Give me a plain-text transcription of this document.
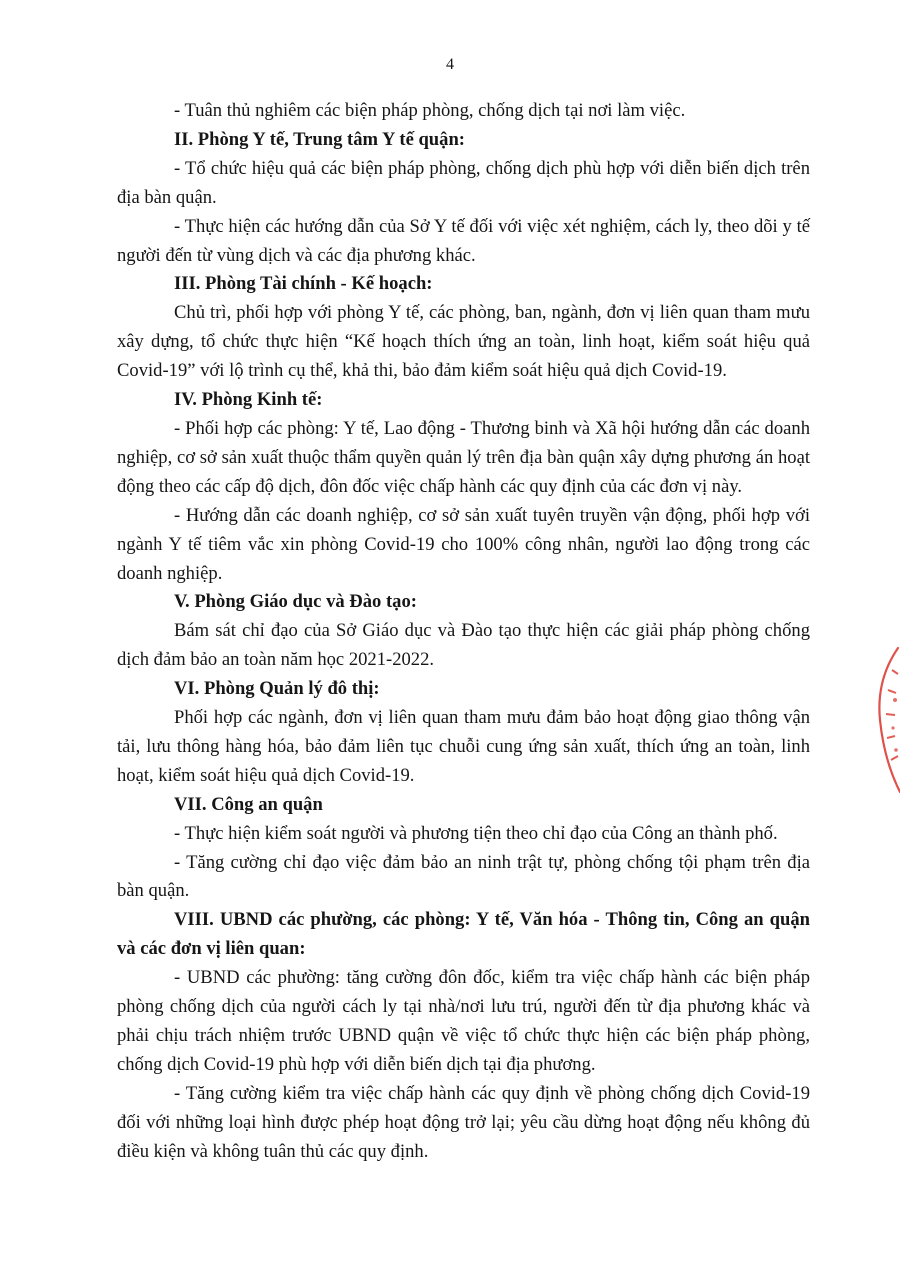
4

- Tuân thủ nghiêm các biện pháp phòng, chống dịch tại nơi làm việc.

II. Phòng Y tế, Trung tâm Y tế quận:

- Tổ chức hiệu quả các biện pháp phòng, chống dịch phù hợp với diễn biến dịch trên địa bàn quận.

- Thực hiện các hướng dẫn của Sở Y tế đối với việc xét nghiệm, cách ly, theo dõi y tế người đến từ vùng dịch và các địa phương khác.

III. Phòng Tài chính - Kế hoạch:

Chủ trì, phối hợp với phòng Y tế, các phòng, ban, ngành, đơn vị liên quan tham mưu xây dựng, tổ chức thực hiện “Kế hoạch thích ứng an toàn, linh hoạt, kiểm soát hiệu quả Covid-19” với lộ trình cụ thể, khả thi, bảo đảm kiểm soát hiệu quả dịch Covid-19.

IV. Phòng Kinh tế:

- Phối hợp các phòng: Y tế, Lao động - Thương binh và Xã hội hướng dẫn các doanh nghiệp, cơ sở sản xuất thuộc thẩm quyền quản lý trên địa bàn quận xây dựng phương án hoạt động theo các cấp độ dịch, đôn đốc việc chấp hành các quy định của các đơn vị này.

- Hướng dẫn các doanh nghiệp, cơ sở sản xuất tuyên truyền vận động, phối hợp với ngành Y tế tiêm vắc xin phòng Covid-19 cho 100% công nhân, người lao động trong các doanh nghiệp.

V. Phòng Giáo dục và Đào tạo:

Bám sát chỉ đạo của Sở Giáo dục và Đào tạo thực hiện các giải pháp phòng chống dịch đảm bảo an toàn năm học 2021-2022.

VI. Phòng Quản lý đô thị:

Phối hợp các ngành, đơn vị liên quan tham mưu đảm bảo hoạt động giao thông vận tải, lưu thông hàng hóa, bảo đảm liên tục chuỗi cung ứng sản xuất, thích ứng an toàn, linh hoạt, kiểm soát hiệu quả dịch Covid-19.

VII. Công an quận

- Thực hiện kiểm soát người và phương tiện theo chỉ đạo của Công an thành phố.

- Tăng cường chỉ đạo việc đảm bảo an ninh trật tự, phòng chống tội phạm trên địa bàn quận.

VIII. UBND các phường, các phòng: Y tế, Văn hóa - Thông tin, Công an quận và các đơn vị liên quan:

- UBND các phường: tăng cường đôn đốc, kiểm tra việc chấp hành các biện pháp phòng chống dịch của người cách ly tại nhà/nơi lưu trú, người đến từ địa phương khác và phải chịu trách nhiệm trước UBND quận về việc tổ chức thực hiện các biện pháp phòng, chống dịch Covid-19 phù hợp với diễn biến dịch tại địa phương.

- Tăng cường kiểm tra việc chấp hành các quy định về phòng chống dịch Covid-19 đối với những loại hình được phép hoạt động trở lại; yêu cầu dừng hoạt động nếu không đủ điều kiện và không tuân thủ các quy định.
